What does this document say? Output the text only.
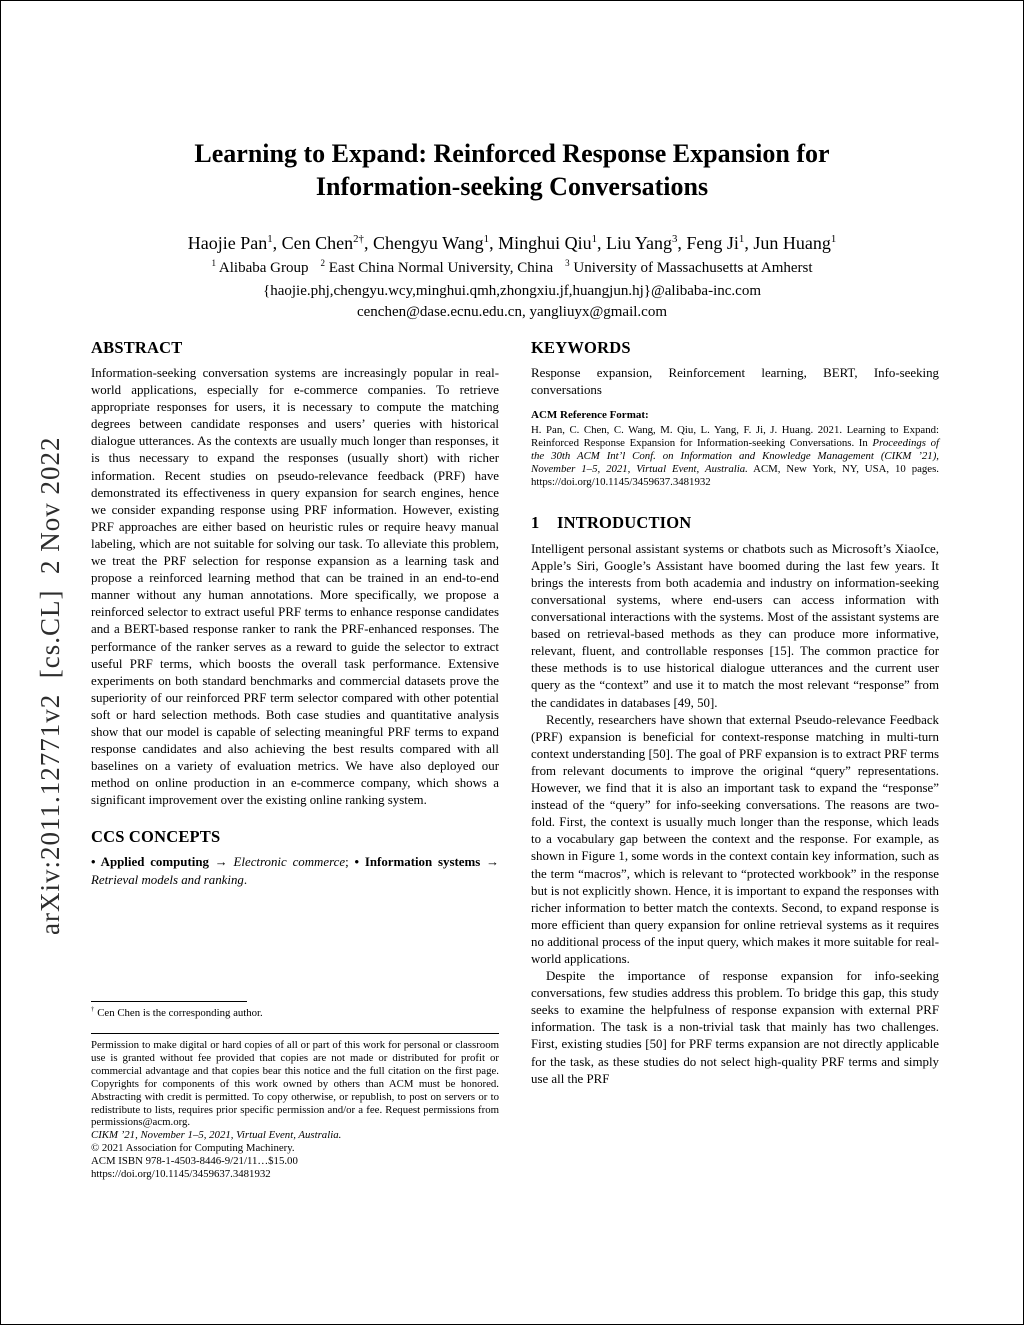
arXiv:2011.12771v2  [cs.CL]  2 Nov 2022
Learning to Expand: Reinforced Response Expansion for
Information-seeking Conversations
Haojie Pan$^1$, Cen Chen$^{2\dagger}$, Chengyu Wang$^1$, Minghui Qiu$^1$, Liu Yang$^3$, Feng Ji$^1$, Jun Huang$^1$
$^1$ Alibaba Group $^2$ East China Normal University, China $^3$ University of Massachusetts at Amherst
{haojie.phj,chengyu.wcy,minghui.qmh,zhongxiu.jf,huangjun.hj}@alibaba-inc.com
cenchen@dase.ecnu.edu.cn, yangliuyx@gmail.com
ABSTRACT

Information-seeking conversation systems are increasingly popular in real-world applications, especially for e-commerce companies. To retrieve appropriate responses for users, it is necessary to compute the matching degrees between candidate responses and users’ queries with historical dialogue utterances. As the contexts are usually much longer than responses, it is thus necessary to expand the responses (usually short) with richer information. Recent studies on pseudo-relevance feedback (PRF) have demonstrated its effectiveness in query expansion for search engines, hence we consider expanding response using PRF information. However, existing PRF approaches are either based on heuristic rules or require heavy manual labeling, which are not suitable for solving our task. To alleviate this problem, we treat the PRF selection for response expansion as a learning task and propose a reinforced learning method that can be trained in an end-to-end manner without any human annotations. More specifically, we propose a reinforced selector to extract useful PRF terms to enhance response candidates and a BERT-based response ranker to rank the PRF-enhanced responses. The performance of the ranker serves as a reward to guide the selector to extract useful PRF terms, which boosts the overall task performance. Extensive experiments on both standard benchmarks and commercial datasets prove the superiority of our reinforced PRF term selector compared with other potential soft or hard selection methods. Both case studies and quantitative analysis show that our model is capable of selecting meaningful PRF terms to expand response candidates and also achieving the best results compared with all baselines on a variety of evaluation metrics. We have also deployed our method on online production in an e-commerce company, which shows a significant improvement over the existing online ranking system.

CCS CONCEPTS

• Applied computing → Electronic commerce; • Information systems → Retrieval models and ranking.

† Cen Chen is the corresponding author.

Permission to make digital or hard copies of all or part of this work for personal or classroom use is granted without fee provided that copies are not made or distributed for profit or commercial advantage and that copies bear this notice and the full citation on the first page. Copyrights for components of this work owned by others than ACM must be honored. Abstracting with credit is permitted. To copy otherwise, or republish, to post on servers or to redistribute to lists, requires prior specific permission and/or a fee. Request permissions from permissions@acm.org.

CIKM ’21, November 1–5, 2021, Virtual Event, Australia.

© 2021 Association for Computing Machinery.

ACM ISBN 978-1-4503-8446-9/21/11…$15.00

https://doi.org/10.1145/3459637.3481932

KEYWORDS

Response expansion, Reinforcement learning, BERT, Info-seeking conversations

ACM Reference Format:

H. Pan, C. Chen, C. Wang, M. Qiu, L. Yang, F. Ji, J. Huang. 2021. Learning to Expand: Reinforced Response Expansion for Information-seeking Conversations. In Proceedings of the 30th ACM Int’l Conf. on Information and Knowledge Management (CIKM ’21), November 1–5, 2021, Virtual Event, Australia. ACM, New York, NY, USA, 10 pages. https://doi.org/10.1145/3459637.3481932

1 INTRODUCTION

Intelligent personal assistant systems or chatbots such as Microsoft’s XiaoIce, Apple’s Siri, Google’s Assistant have boomed during the last few years. It brings the interests from both academia and industry on information-seeking conversational systems, where end-users can access information with conversational interactions with the systems. Most of the assistant systems are based on retrieval-based methods as they can produce more informative, relevant, fluent, and controllable responses [15]. The common practice for these methods is to use historical dialogue utterances and the current user query as the “context” and use it to match the most relevant “response” from the candidates in databases [49, 50].

Recently, researchers have shown that external Pseudo-relevance Feedback (PRF) expansion is beneficial for context-response matching in multi-turn context understanding [50]. The goal of PRF expansion is to extract PRF terms from relevant documents to improve the original “query” representations. However, we find that it is also an important task to expand the “response” instead of the “query” for info-seeking conversations. The reasons are two-fold. First, the context is usually much longer than the response, which leads to a vocabulary gap between the context and the response. For example, as shown in Figure 1, some words in the context contain key information, such as the term “macros”, which is relevant to “protected workbook” in the response but is not explicitly shown. Hence, it is important to expand the responses with richer information to better match the contexts. Second, to expand response is more efficient than query expansion for online retrieval systems as it requires no additional process of the input query, which makes it more suitable for real-world applications.

Despite the importance of response expansion for info-seeking conversations, few studies address this problem. To bridge this gap, this study seeks to examine the helpfulness of response expansion with external PRF information. The task is a non-trivial task that mainly has two challenges. First, existing studies [50] for PRF terms expansion are not directly applicable for the task, as these studies do not select high-quality PRF terms and simply use all the PRF
